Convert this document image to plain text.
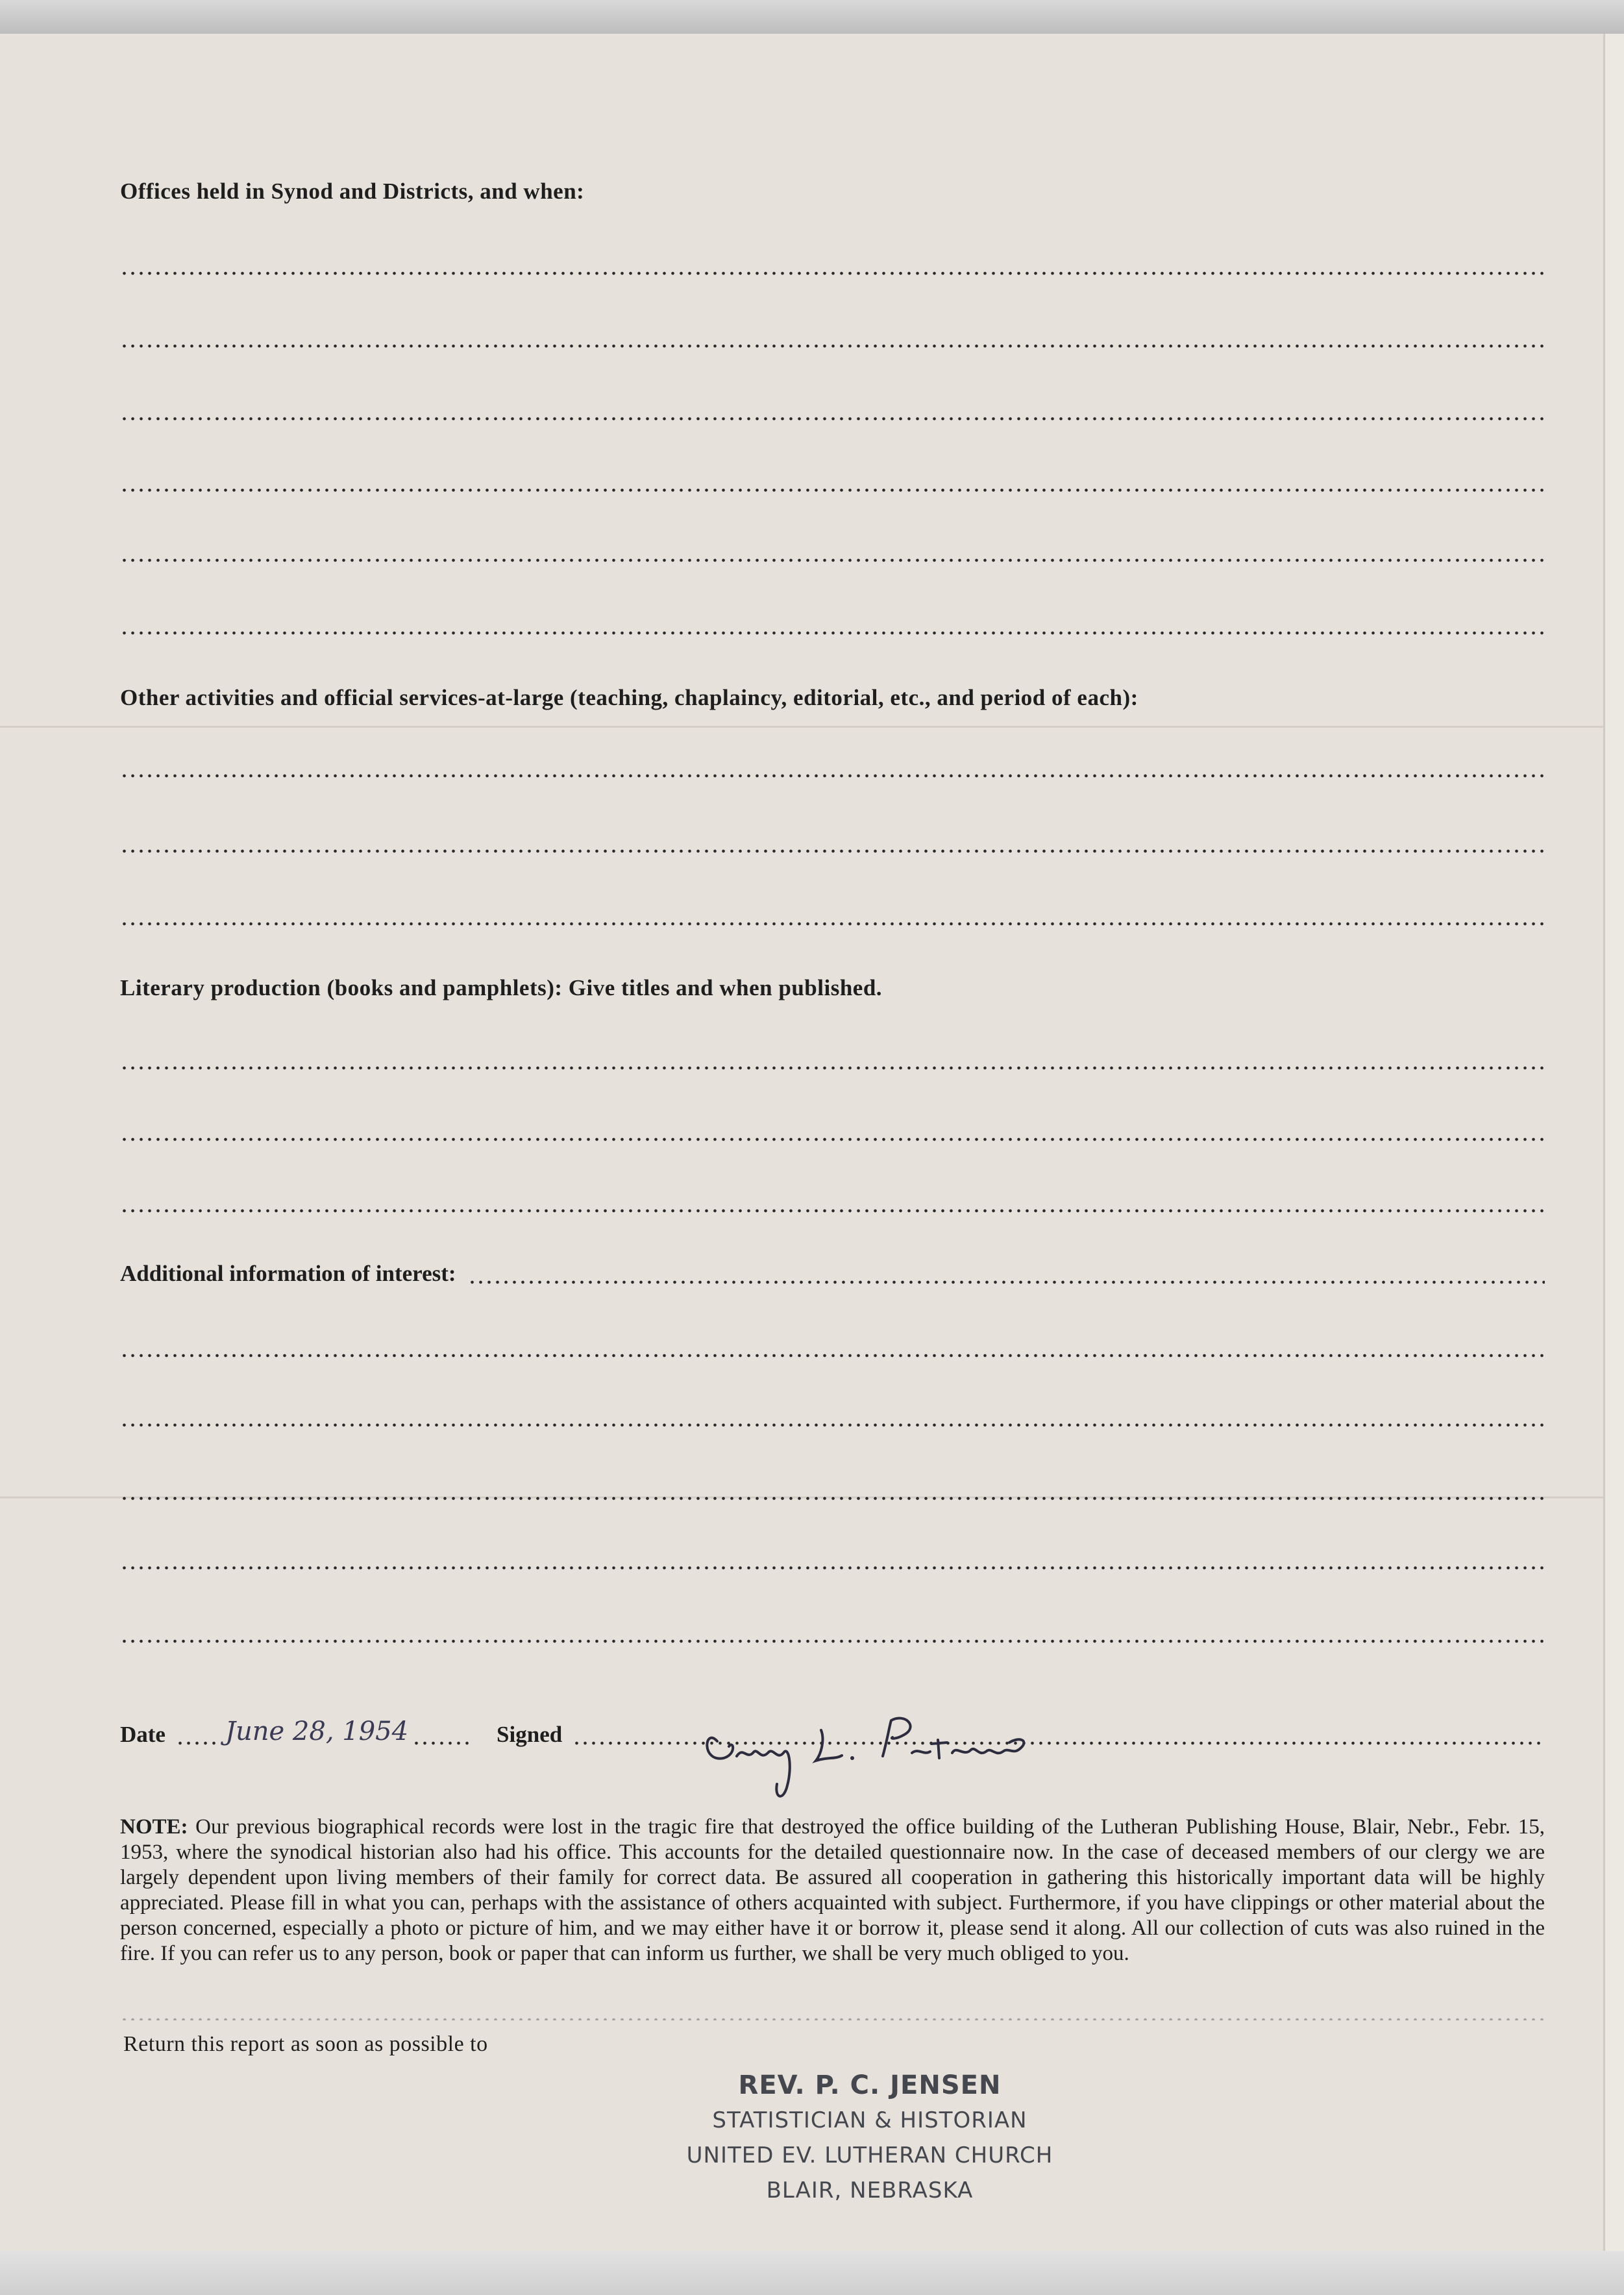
Offices held in Synod and Districts, and when:
Other activities and official services-at-large (teaching, chaplaincy, editorial, etc., and period of each):
Literary production (books and pamphlets): Give titles and when published.
Additional information of interest:
Date June 28, 1954	Signed
NOTE: Our previous biographical records were lost in the tragic fire that destroyed the office building of the Lutheran Publishing House, Blair, Nebr., Febr. 15, 1953, where the synodical historian also had his office. This accounts for the detailed questionnaire now. In the case of deceased members of our clergy we are largely dependent upon living members of their family for correct data. Be assured all cooperation in gathering this historically important data will be highly appreciated. Please fill in what you can, perhaps with the assistance of others acquainted with subject. Furthermore, if you have clippings or other material about the person concerned, especially a photo or picture of him, and we may either have it or borrow it, please send it along. All our collection of cuts was also ruined in the fire. If you can refer us to any person, book or paper that can inform us further, we shall be very much obliged to you.
Return this report as soon as possible to
REV. P. C. JENSEN
STATISTICIAN & HISTORIAN
UNITED EV. LUTHERAN CHURCH
BLAIR, NEBRASKA
